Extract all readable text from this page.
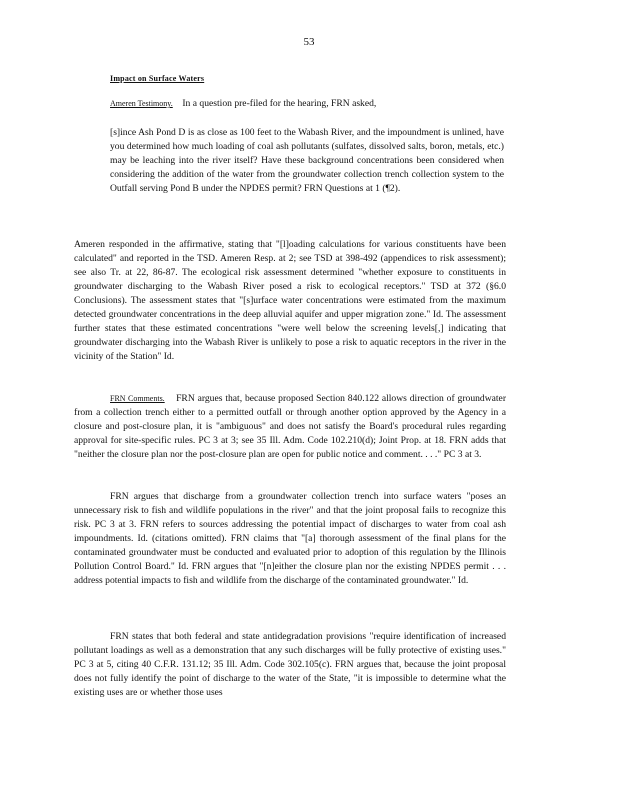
53
Impact on Surface Waters

Ameren Testimony. In a question pre-filed for the hearing, FRN asked,

[s]ince Ash Pond D is as close as 100 feet to the Wabash River, and the impoundment is unlined, have you determined how much loading of coal ash pollutants (sulfates, dissolved salts, boron, metals, etc.) may be leaching into the river itself? Have these background concentrations been considered when considering the addition of the water from the groundwater collection trench collection system to the Outfall serving Pond B under the NPDES permit? FRN Questions at 1 (¶2).

Ameren responded in the affirmative, stating that "[l]oading calculations for various constituents have been calculated" and reported in the TSD. Ameren Resp. at 2; see TSD at 398-492 (appendices to risk assessment); see also Tr. at 22, 86-87. The ecological risk assessment determined "whether exposure to constituents in groundwater discharging to the Wabash River posed a risk to ecological receptors." TSD at 372 (§6.0 Conclusions). The assessment states that "[s]urface water concentrations were estimated from the maximum detected groundwater concentrations in the deep alluvial aquifer and upper migration zone." Id. The assessment further states that these estimated concentrations "were well below the screening levels[,] indicating that groundwater discharging into the Wabash River is unlikely to pose a risk to aquatic receptors in the river in the vicinity of the Station" Id.

FRN Comments. FRN argues that, because proposed Section 840.122 allows direction of groundwater from a collection trench either to a permitted outfall or through another option approved by the Agency in a closure and post-closure plan, it is "ambiguous" and does not satisfy the Board's procedural rules regarding approval for site-specific rules. PC 3 at 3; see 35 Ill. Adm. Code 102.210(d); Joint Prop. at 18. FRN adds that "neither the closure plan nor the post-closure plan are open for public notice and comment. . . ." PC 3 at 3.

FRN argues that discharge from a groundwater collection trench into surface waters "poses an unnecessary risk to fish and wildlife populations in the river" and that the joint proposal fails to recognize this risk. PC 3 at 3. FRN refers to sources addressing the potential impact of discharges to water from coal ash impoundments. Id. (citations omitted). FRN claims that "[a] thorough assessment of the final plans for the contaminated groundwater must be conducted and evaluated prior to adoption of this regulation by the Illinois Pollution Control Board." Id. FRN argues that "[n]either the closure plan nor the existing NPDES permit . . . address potential impacts to fish and wildlife from the discharge of the contaminated groundwater." Id.

FRN states that both federal and state antidegradation provisions "require identification of increased pollutant loadings as well as a demonstration that any such discharges will be fully protective of existing uses." PC 3 at 5, citing 40 C.F.R. 131.12; 35 Ill. Adm. Code 302.105(c). FRN argues that, because the joint proposal does not fully identify the point of discharge to the water of the State, "it is impossible to determine what the existing uses are or whether those uses
